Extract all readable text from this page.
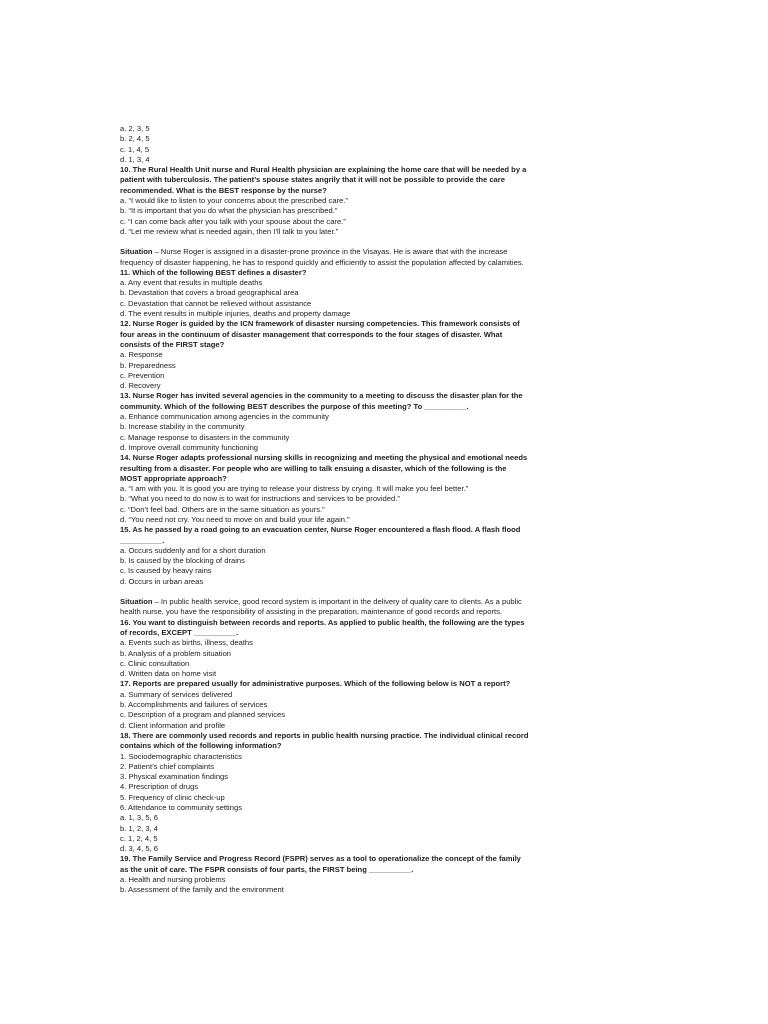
a. 2, 3, 5
b. 2, 4, 5
c. 1, 4, 5
d. 1, 3, 4
10. The Rural Health Unit nurse and Rural Health physician are explaining the home care that will be needed by a
patient with tuberculosis. The patient’s spouse states angrily that it will not be possible to provide the care
recommended. What is the BEST response by the nurse?
a. “I would like to listen to your concerns about the prescribed care.”
b. “It is important that you do what the physician has prescribed.”
c. “I can come back after you talk with your spouse about the care.”
d. “Let me review what is needed again, then I’ll talk to you later.”
Situation – Nurse Roger is assigned in a disaster-prone province in the Visayas. He is aware that with the increase
frequency of disaster happening, he has to respond quickly and efficiently to assist the population affected by calamities.
11. Which of the following BEST defines a disaster?
a. Any event that results in multiple deaths
b. Devastation that covers a broad geographical area
c. Devastation that cannot be relieved without assistance
d. The event results in multiple injuries, deaths and property damage
12. Nurse Roger is guided by the ICN framework of disaster nursing competencies. This framework consists of
four areas in the continuum of disaster management that corresponds to the four stages of disaster. What
consists of the FIRST stage?
a. Response
b. Preparedness
c. Prevention
d. Recovery
13. Nurse Roger has invited several agencies in the community to a meeting to discuss the disaster plan for the
community. Which of the following BEST describes the purpose of this meeting? To __________.
a. Enhance communication among agencies in the community
b. Increase stability in the community
c. Manage response to disasters in the community
d. Improve overall community functioning
14. Nurse Roger adapts professional nursing skills in recognizing and meeting the physical and emotional needs
resulting from a disaster. For people who are willing to talk ensuing a disaster, which of the following is the
MOST appropriate approach?
a. “I am with you. It is good you are trying to release your distress by crying. It will make you feel better.”
b. “What you need to do now is to wait for instructions and services to be provided.”
c. “Don’t feel bad. Others are in the same situation as yours.”
d. “You need not cry. You need to move on and build your life again.”
15. As he passed by a road going to an evacuation center, Nurse Roger encountered a flash flood. A flash flood
__________.
a. Occurs suddenly and for a short duration
b. Is caused by the blocking of drains
c. Is caused by heavy rains
d. Occurs in urban areas
Situation – In public health service, good record system is important in the delivery of quality care to clients. As a public
health nurse, you have the responsibility of assisting in the preparation, maintenance of good records and reports.
16. You want to distinguish between records and reports. As applied to public health, the following are the types
of records, EXCEPT __________.
a. Events such as births, illness, deaths
b. Analysis of a problem situation
c. Clinic consultation
d. Written data on home visit
17. Reports are prepared usually for administrative purposes. Which of the following below is NOT a report?
a. Summary of services delivered
b. Accomplishments and failures of services
c. Description of a program and planned services
d. Client information and profile
18. There are commonly used records and reports in public health nursing practice. The individual clinical record
contains which of the following information?
1. Sociodemographic characteristics
2. Patient’s chief complaints
3. Physical examination findings
4. Prescription of drugs
5. Frequency of clinic check-up
6. Attendance to community settings
a. 1, 3, 5, 6
b. 1, 2, 3, 4
c. 1, 2, 4, 5
d. 3, 4, 5, 6
19. The Family Service and Progress Record (FSPR) serves as a tool to operationalize the concept of the family
as the unit of care. The FSPR consists of four parts, the FIRST being __________.
a. Health and nursing problems
b. Assessment of the family and the environment
